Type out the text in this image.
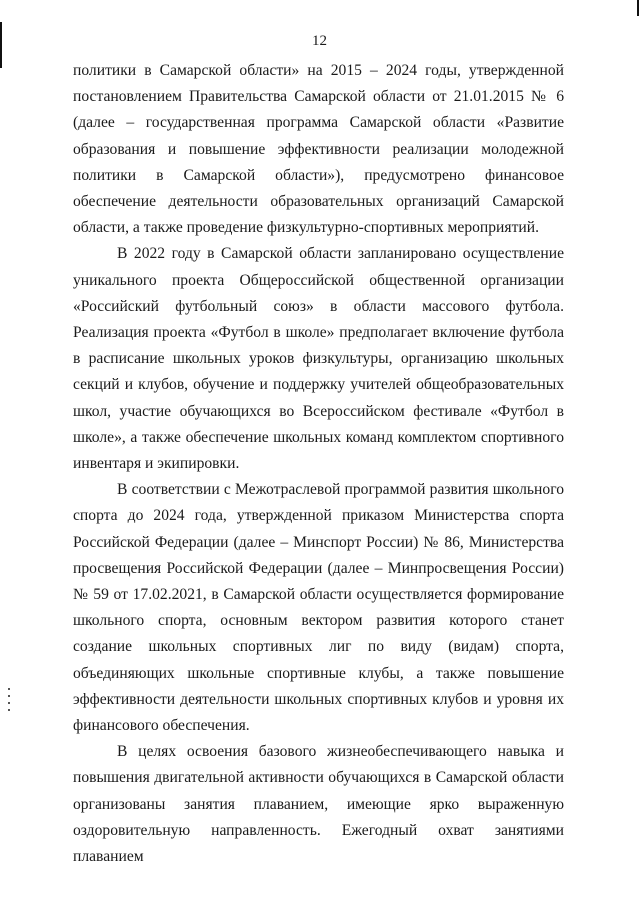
12

политики в Самарской области» на 2015 – 2024 годы, утвержденной постановлением Правительства Самарской области от 21.01.2015 № 6 (далее – государственная программа Самарской области «Развитие образования и повышение эффективности реализации молодежной политики в Самарской области»), предусмотрено финансовое обеспечение деятельности образовательных организаций Самарской области, а также проведение физкультурно-спортивных мероприятий.

В 2022 году в Самарской области запланировано осуществление уникального проекта Общероссийской общественной организации «Российский футбольный союз» в области массового футбола. Реализация проекта «Футбол в школе» предполагает включение футбола в расписание школьных уроков физкультуры, организацию школьных секций и клубов, обучение и поддержку учителей общеобразовательных школ, участие обучающихся во Всероссийском фестивале «Футбол в школе», а также обеспечение школьных команд комплектом спортивного инвентаря и экипировки.

В соответствии с Межотраслевой программой развития школьного спорта до 2024 года, утвержденной приказом Министерства спорта Российской Федерации (далее – Минспорт России) № 86, Министерства просвещения Российской Федерации (далее – Минпросвещения России) № 59 от 17.02.2021, в Самарской области осуществляется формирование школьного спорта, основным вектором развития которого станет создание школьных спортивных лиг по виду (видам) спорта, объединяющих школьные спортивные клубы, а также повышение эффективности деятельности школьных спортивных клубов и уровня их финансового обеспечения.

В целях освоения базового жизнеобеспечивающего навыка и повышения двигательной активности обучающихся в Самарской области организованы занятия плаванием, имеющие ярко выраженную оздоровительную направленность. Ежегодный охват занятиями плаванием
